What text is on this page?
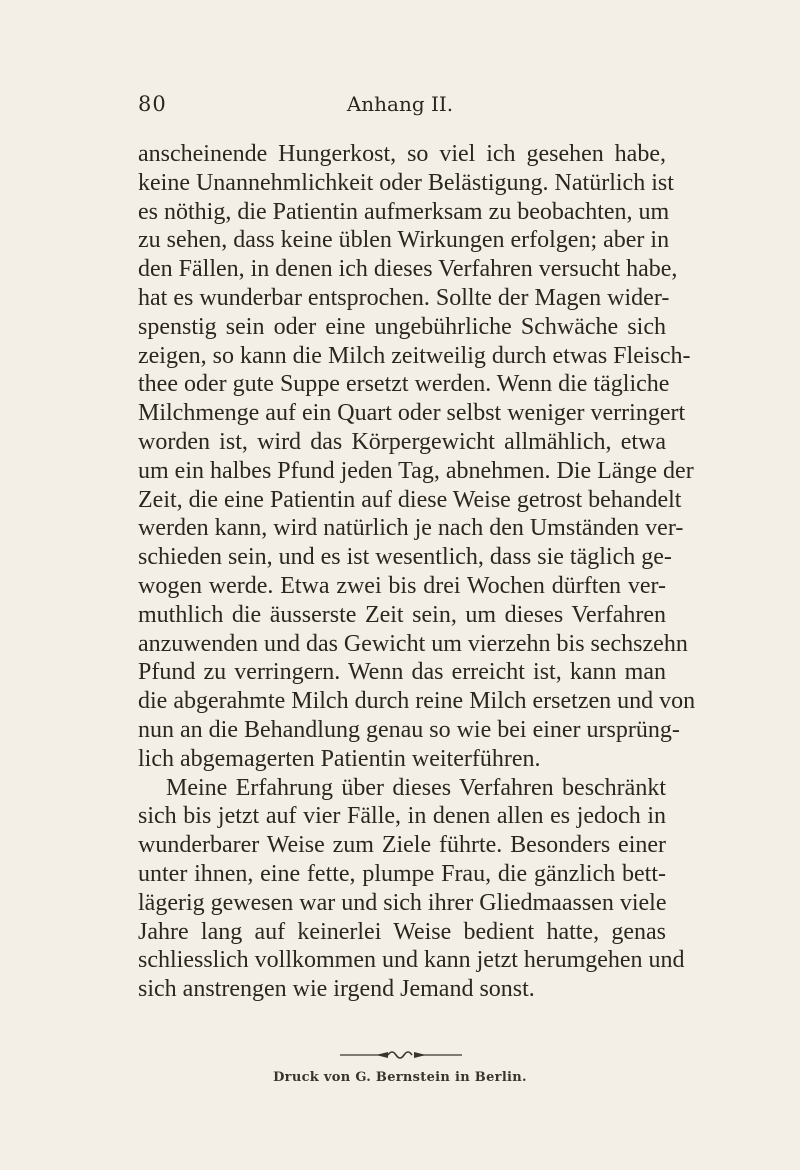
80	Anhang II.
anscheinende Hungerkost, so viel ich gesehen habe,
keine Unannehmlichkeit oder Belästigung. Natürlich ist
es nöthig, die Patientin aufmerksam zu beobachten, um
zu sehen, dass keine üblen Wirkungen erfolgen; aber in
den Fällen, in denen ich dieses Verfahren versucht habe,
hat es wunderbar entsprochen. Sollte der Magen wider-
spenstig sein oder eine ungebührliche Schwäche sich
zeigen, so kann die Milch zeitweilig durch etwas Fleisch-
thee oder gute Suppe ersetzt werden. Wenn die tägliche
Milchmenge auf ein Quart oder selbst weniger verringert
worden ist, wird das Körpergewicht allmählich, etwa
um ein halbes Pfund jeden Tag, abnehmen. Die Länge der
Zeit, die eine Patientin auf diese Weise getrost behandelt
werden kann, wird natürlich je nach den Umständen ver-
schieden sein, und es ist wesentlich, dass sie täglich ge-
wogen werde. Etwa zwei bis drei Wochen dürften ver-
muthlich die äusserste Zeit sein, um dieses Verfahren
anzuwenden und das Gewicht um vierzehn bis sechszehn
Pfund zu verringern. Wenn das erreicht ist, kann man
die abgerahmte Milch durch reine Milch ersetzen und von
nun an die Behandlung genau so wie bei einer ursprüng-
lich abgemagerten Patientin weiterführen.
Meine Erfahrung über dieses Verfahren beschränkt
sich bis jetzt auf vier Fälle, in denen allen es jedoch in
wunderbarer Weise zum Ziele führte. Besonders einer
unter ihnen, eine fette, plumpe Frau, die gänzlich bett-
lägerig gewesen war und sich ihrer Gliedmaassen viele
Jahre lang auf keinerlei Weise bedient hatte, genas
schliesslich vollkommen und kann jetzt herumgehen und
sich anstrengen wie irgend Jemand sonst.
Druck von G. Bernstein in Berlin.
